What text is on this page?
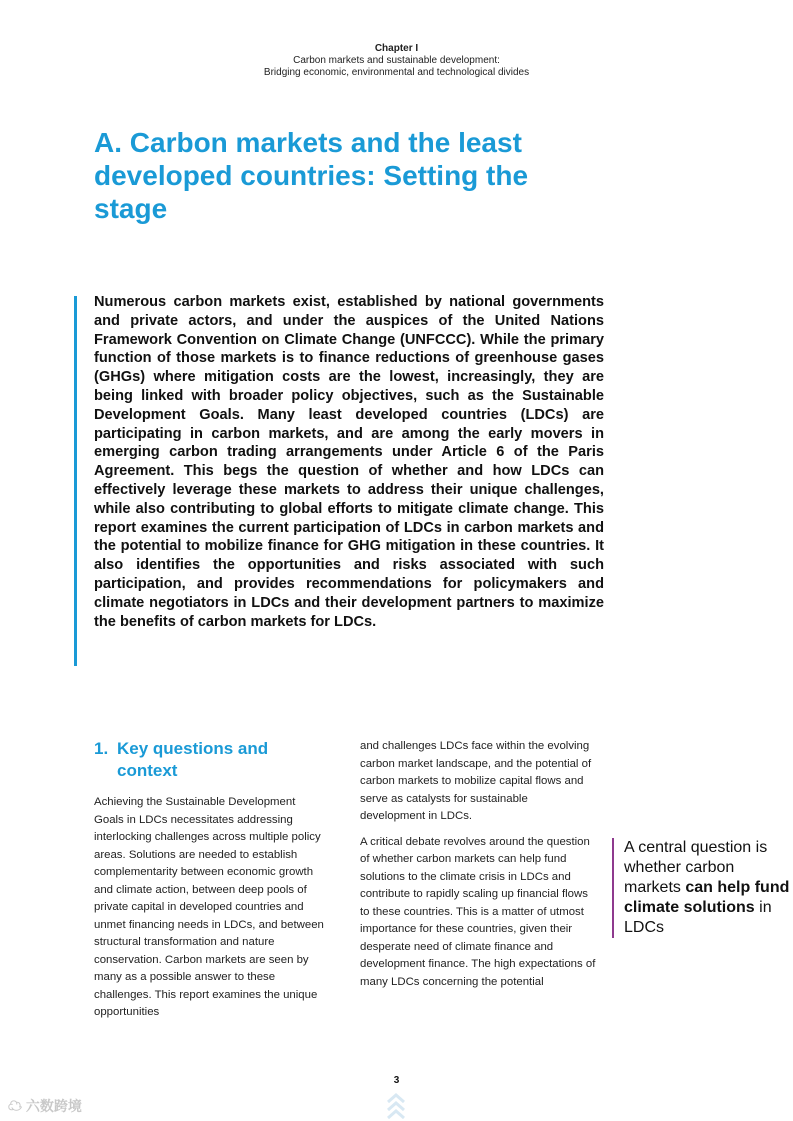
Chapter I
Carbon markets and sustainable development:
Bridging economic, environmental and technological divides
A. Carbon markets and the least developed countries: Setting the stage

Numerous carbon markets exist, established by national governments and private actors, and under the auspices of the United Nations Framework Convention on Climate Change (UNFCCC). While the primary function of those markets is to finance reductions of greenhouse gases (GHGs) where mitigation costs are the lowest, increasingly, they are being linked with broader policy objectives, such as the Sustainable Development Goals. Many least developed countries (LDCs) are participating in carbon markets, and are among the early movers in emerging carbon trading arrangements under Article 6 of the Paris Agreement. This begs the question of whether and how LDCs can effectively leverage these markets to address their unique challenges, while also contributing to global efforts to mitigate climate change. This report examines the current participation of LDCs in carbon markets and the potential to mobilize finance for GHG mitigation in these countries. It also identifies the opportunities and risks associated with such participation, and provides recommendations for policymakers and climate negotiators in LDCs and their development partners to maximize the benefits of carbon markets for LDCs.

1. Key questions and context

Achieving the Sustainable Development Goals in LDCs necessitates addressing interlocking challenges across multiple policy areas. Solutions are needed to establish complementarity between economic growth and climate action, between deep pools of private capital in developed countries and unmet financing needs in LDCs, and between structural transformation and nature conservation. Carbon markets are seen by many as a possible answer to these challenges. This report examines the unique opportunities

and challenges LDCs face within the evolving carbon market landscape, and the potential of carbon markets to mobilize capital flows and serve as catalysts for sustainable development in LDCs.

A critical debate revolves around the question of whether carbon markets can help fund solutions to the climate crisis in LDCs and contribute to rapidly scaling up financial flows to these countries. This is a matter of utmost importance for these countries, given their desperate need of climate finance and development finance. The high expectations of many LDCs concerning the potential

A central question is whether carbon markets can help fund climate solutions in LDCs
3
☁ 六数跨境
